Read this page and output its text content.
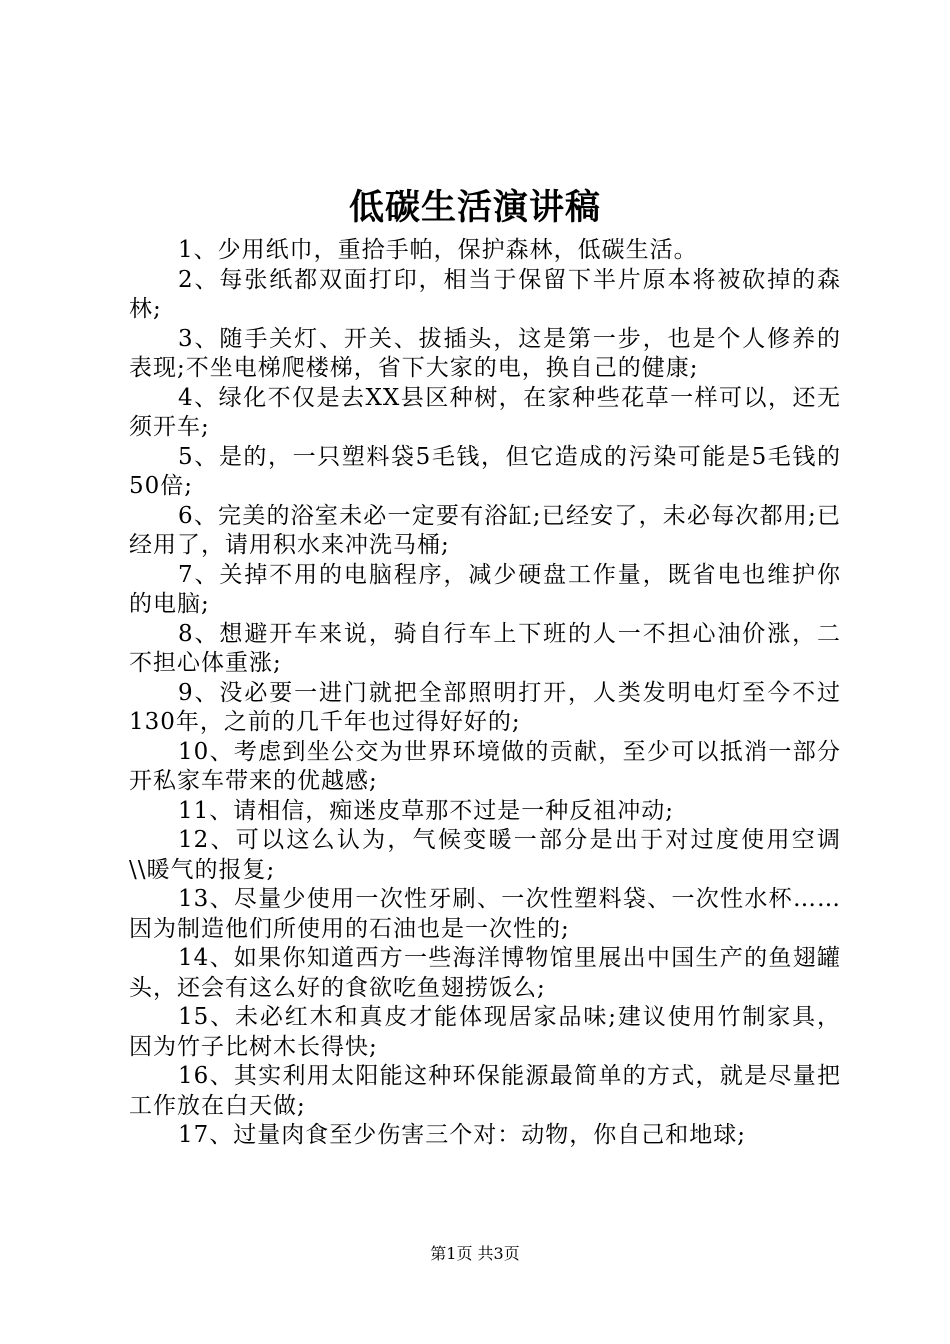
低碳生活演讲稿

1、少用纸巾，重拾手帕，保护森林，低碳生活。

2、每张纸都双面打印，相当于保留下半片原本将被砍掉的森林;

3、随手关灯、开关、拔插头，这是第一步，也是个人修养的表现;不坐电梯爬楼梯，省下大家的电，换自己的健康;

4、绿化不仅是去XX县区种树，在家种些花草一样可以，还无须开车;

5、是的，一只塑料袋5毛钱，但它造成的污染可能是5毛钱的50倍;

6、完美的浴室未必一定要有浴缸;已经安了，未必每次都用;已经用了，请用积水来冲洗马桶;

7、关掉不用的电脑程序，减少硬盘工作量，既省电也维护你的电脑;

8、想避开车来说，骑自行车上下班的人一不担心油价涨，二不担心体重涨;

9、没必要一进门就把全部照明打开，人类发明电灯至今不过130年，之前的几千年也过得好好的;

10、考虑到坐公交为世界环境做的贡献，至少可以抵消一部分开私家车带来的优越感;

11、请相信，痴迷皮草那不过是一种反祖冲动;

12、可以这么认为，气候变暖一部分是出于对过度使用空调\\暖气的报复;

13、尽量少使用一次性牙刷、一次性塑料袋、一次性水杯……因为制造他们所使用的石油也是一次性的;

14、如果你知道西方一些海洋博物馆里展出中国生产的鱼翅罐头，还会有这么好的食欲吃鱼翅捞饭么;

15、未必红木和真皮才能体现居家品味;建议使用竹制家具，因为竹子比树木长得快;

16、其实利用太阳能这种环保能源最简单的方式，就是尽量把工作放在白天做;

17、过量肉食至少伤害三个对：动物，你自己和地球;

第1页 共3页
